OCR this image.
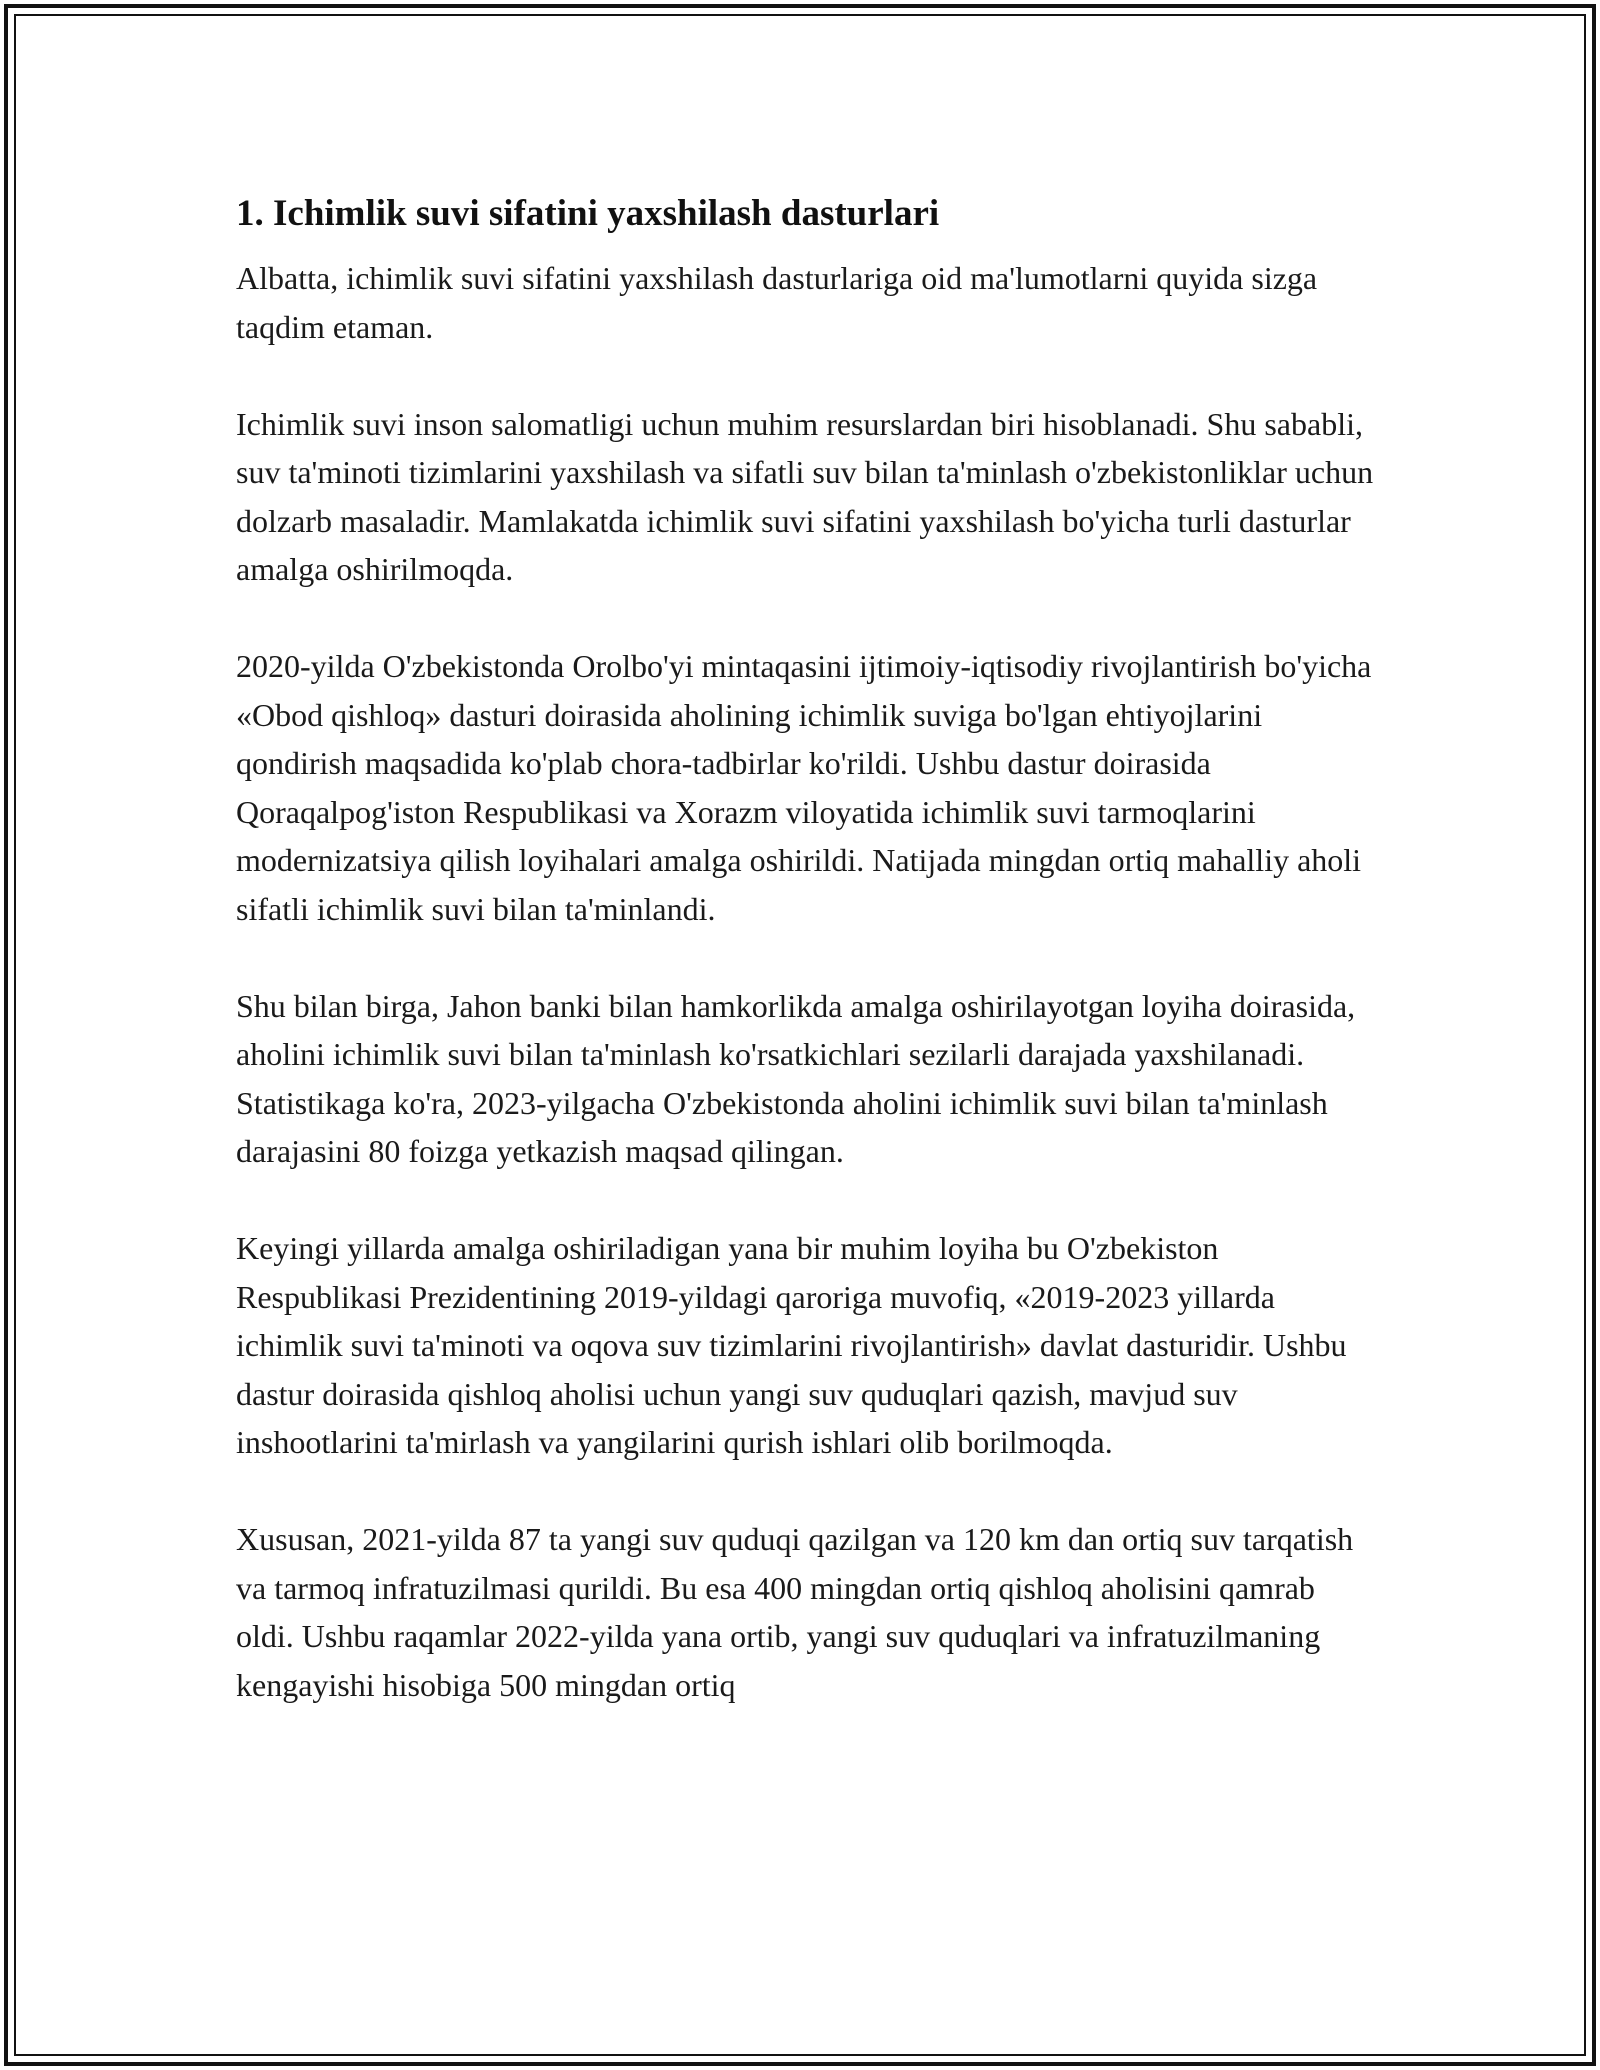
1. Ichimlik suvi sifatini yaxshilash dasturlari

Albatta, ichimlik suvi sifatini yaxshilash dasturlariga oid ma'lumotlarni quyida sizga taqdim etaman.

Ichimlik suvi inson salomatligi uchun muhim resurslardan biri hisoblanadi. Shu sababli, suv ta'minoti tizimlarini yaxshilash va sifatli suv bilan ta'minlash o'zbekistonliklar uchun dolzarb masaladir. Mamlakatda ichimlik suvi sifatini yaxshilash bo'yicha turli dasturlar amalga oshirilmoqda.

2020-yilda O'zbekistonda Orolbo'yi mintaqasini ijtimoiy-iqtisodiy rivojlantirish bo'yicha «Obod qishloq» dasturi doirasida aholining ichimlik suviga bo'lgan ehtiyojlarini qondirish maqsadida ko'plab chora-tadbirlar ko'rildi. Ushbu dastur doirasida Qoraqalpog'iston Respublikasi va Xorazm viloyatida ichimlik suvi tarmoqlarini modernizatsiya qilish loyihalari amalga oshirildi. Natijada mingdan ortiq mahalliy aholi sifatli ichimlik suvi bilan ta'minlandi.

Shu bilan birga, Jahon banki bilan hamkorlikda amalga oshirilayotgan loyiha doirasida, aholini ichimlik suvi bilan ta'minlash ko'rsatkichlari sezilarli darajada yaxshilanadi. Statistikaga ko'ra, 2023-yilgacha O'zbekistonda aholini ichimlik suvi bilan ta'minlash darajasini 80 foizga yetkazish maqsad qilingan.

Keyingi yillarda amalga oshiriladigan yana bir muhim loyiha bu O'zbekiston Respublikasi Prezidentining 2019-yildagi qaroriga muvofiq, «2019-2023 yillarda ichimlik suvi ta'minoti va oqova suv tizimlarini rivojlantirish» davlat dasturidir. Ushbu dastur doirasida qishloq aholisi uchun yangi suv quduqlari qazish, mavjud suv inshootlarini ta'mirlash va yangilarini qurish ishlari olib borilmoqda.

Xususan, 2021-yilda 87 ta yangi suv quduqi qazilgan va 120 km dan ortiq suv tarqatish va tarmoq infratuzilmasi qurildi. Bu esa 400 mingdan ortiq qishloq aholisini qamrab oldi. Ushbu raqamlar 2022-yilda yana ortib, yangi suv quduqlari va infratuzilmaning kengayishi hisobiga 500 mingdan ortiq
